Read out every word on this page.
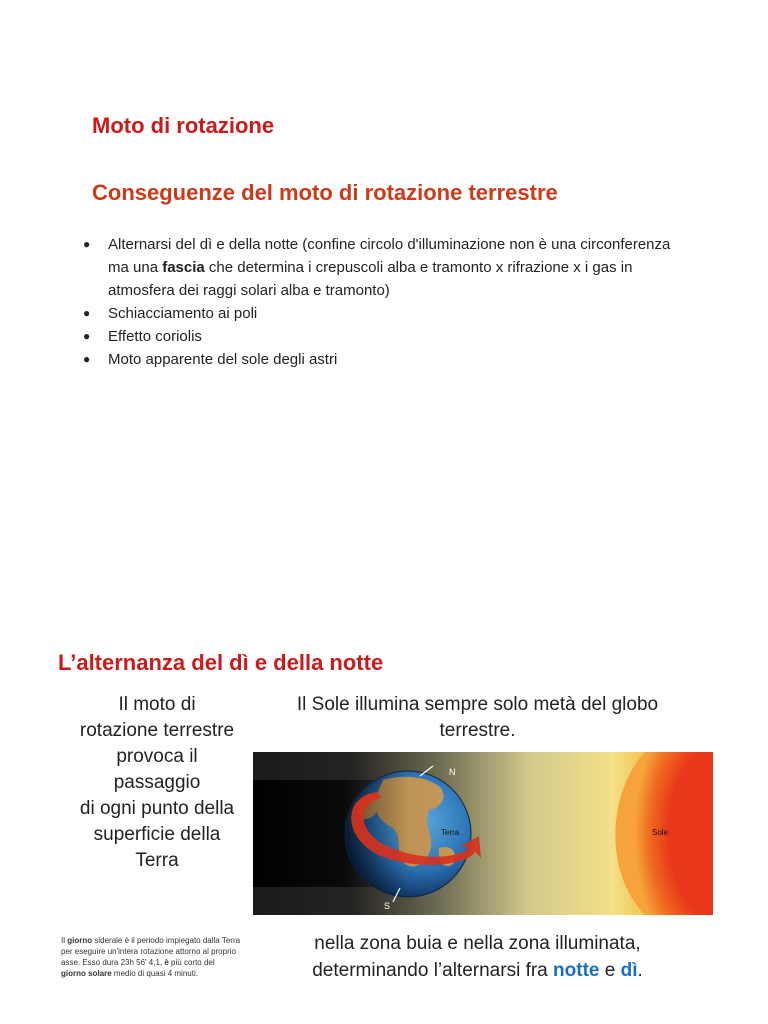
Moto di rotazione
Conseguenze del moto di rotazione terrestre
● Alternarsi del dì e della notte (confine circolo d'illuminazione non è una circonferenza ma una fascia che determina i crepuscoli alba e tramonto x rifrazione x i gas in atmosfera dei raggi solari alba e tramonto)
● Schiacciamento ai poli
● Effetto coriolis
● Moto apparente del sole degli astri
L’alternanza del dì e della notte
Il moto di
rotazione terrestre
provoca il
passaggio
di ogni punto della
superficie della
Terra
Il Sole illumina sempre solo metà del globo terrestre.
N
S
Terra	Sole
Il giorno siderale è il periodo impiegato dalla Terra per eseguire un'intera rotazione attorno al proprio asse. Esso dura 23h 56' 4,1, è più corto del giorno solare medio di quasi 4 minuti.
nella zona buia e nella zona illuminata,
determinando l’alternarsi fra notte e dì.
